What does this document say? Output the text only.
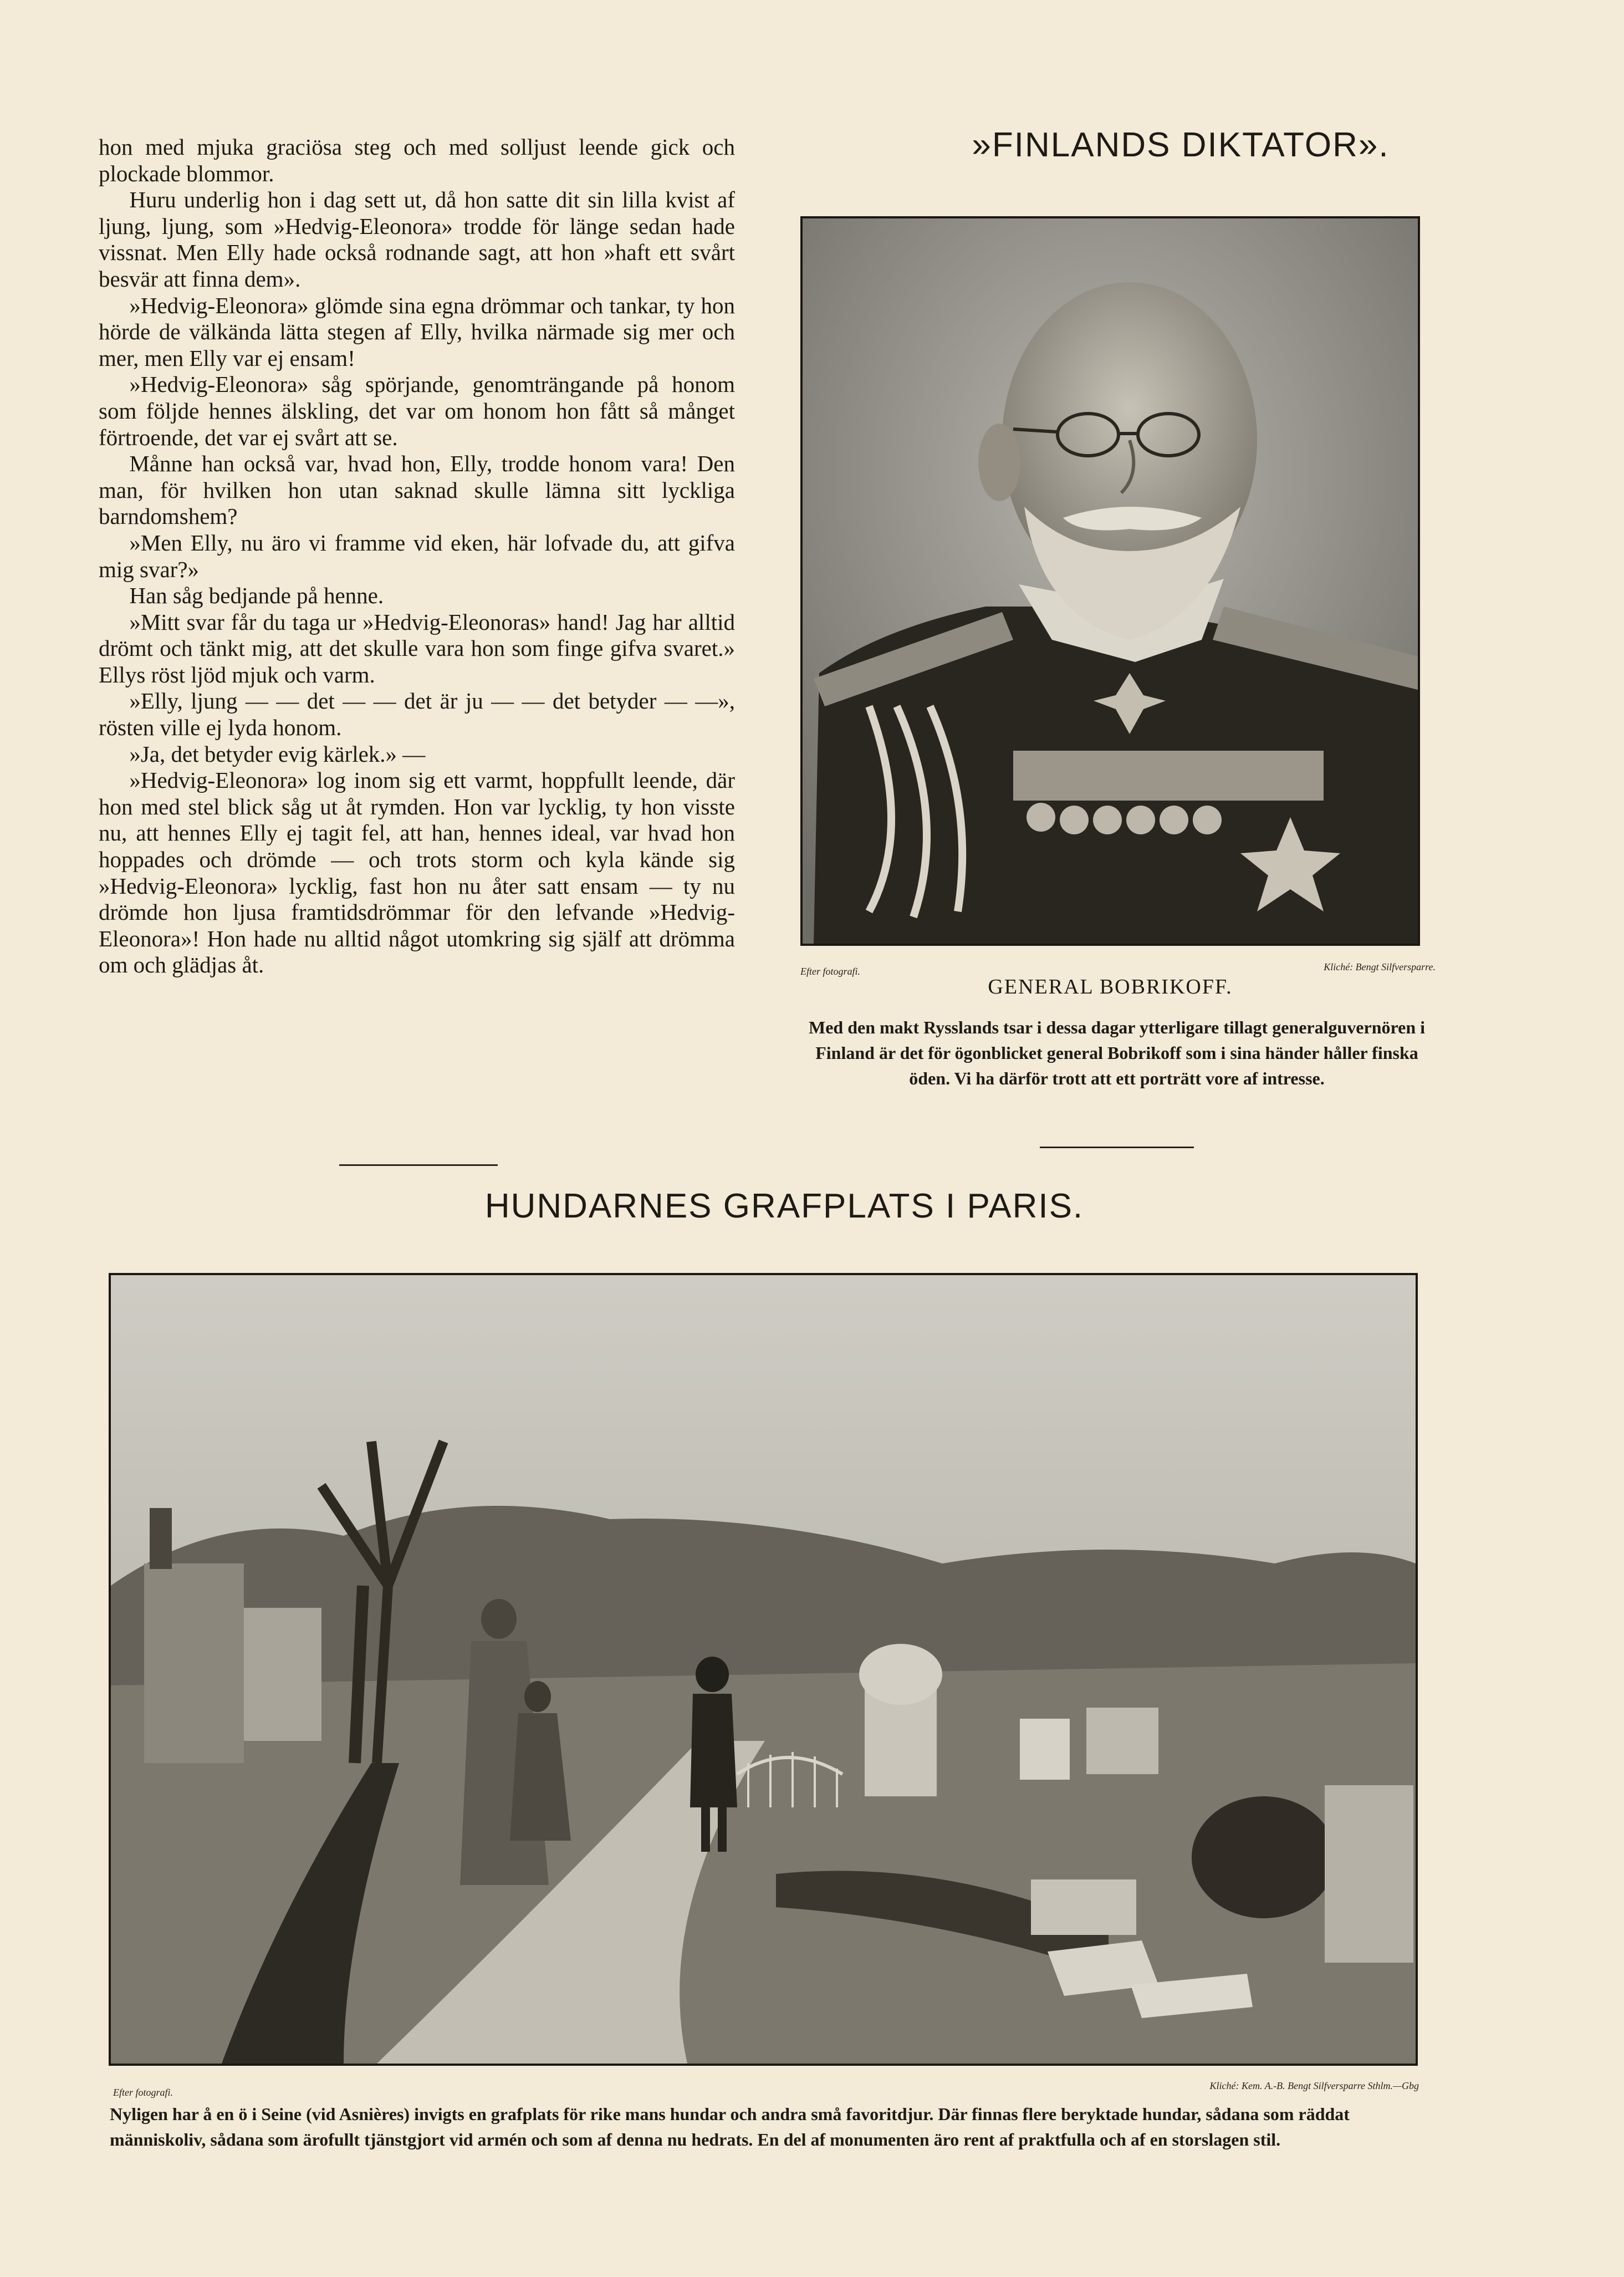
hon med mjuka graciösa steg och med solljust leende gick och plockade blommor.

Huru underlig hon i dag sett ut, då hon satte dit sin lilla kvist af ljung, ljung, som »Hedvig-Eleonora» trodde för länge sedan hade vissnat. Men Elly hade också rodnande sagt, att hon »haft ett svårt besvär att finna dem».

»Hedvig-Eleonora» glömde sina egna drömmar och tankar, ty hon hörde de välkända lätta stegen af Elly, hvilka närmade sig mer och mer, men Elly var ej ensam!

»Hedvig-Eleonora» såg spörjande, genomträngande på honom som följde hennes älskling, det var om honom hon fått så månget förtroende, det var ej svårt att se.

Månne han också var, hvad hon, Elly, trodde honom vara! Den man, för hvilken hon utan saknad skulle lämna sitt lyckliga barndomshem?

»Men Elly, nu äro vi framme vid eken, här lofvade du, att gifva mig svar?»

Han såg bedjande på henne.

»Mitt svar får du taga ur »Hedvig-Eleonoras» hand! Jag har alltid drömt och tänkt mig, att det skulle vara hon som finge gifva svaret.» Ellys röst ljöd mjuk och varm.

»Elly, ljung — — det — — det är ju — — det betyder — —», rösten ville ej lyda honom.

»Ja, det betyder evig kärlek.» —

»Hedvig-Eleonora» log inom sig ett varmt, hoppfullt leende, där hon med stel blick såg ut åt rymden. Hon var lycklig, ty hon visste nu, att hennes Elly ej tagit fel, att han, hennes ideal, var hvad hon hoppades och drömde — och trots storm och kyla kände sig »Hedvig-Eleonora» lycklig, fast hon nu åter satt ensam — ty nu drömde hon ljusa framtidsdrömmar för den lefvande »Hedvig-Eleonora»! Hon hade nu alltid något utomkring sig själf att drömma om och glädjas åt.

»FINLANDS DIKTATOR».
Efter fotografi.	Kliché: Bengt Silfversparre.
GENERAL BOBRIKOFF.
Med den makt Rysslands tsar i dessa dagar ytterligare tillagt generalguvernören i Finland är det för ögonblicket general Bobrikoff som i sina händer håller finska öden. Vi ha därför trott att ett porträtt vore af intresse.
HUNDARNES GRAFPLATS I PARIS.
Efter fotografi.
Kliché: Kem. A.-B. Bengt Silfversparre Sthlm.—Gbg
Nyligen har å en ö i Seine (vid Asnières) invigts en grafplats för rike mans hundar och andra små favoritdjur. Där finnas flere beryktade hundar, sådana som räddat människoliv, sådana som ärofullt tjänstgjort vid armén och som af denna nu hedrats. En del af monumenten äro rent af praktfulla och af en storslagen stil.
